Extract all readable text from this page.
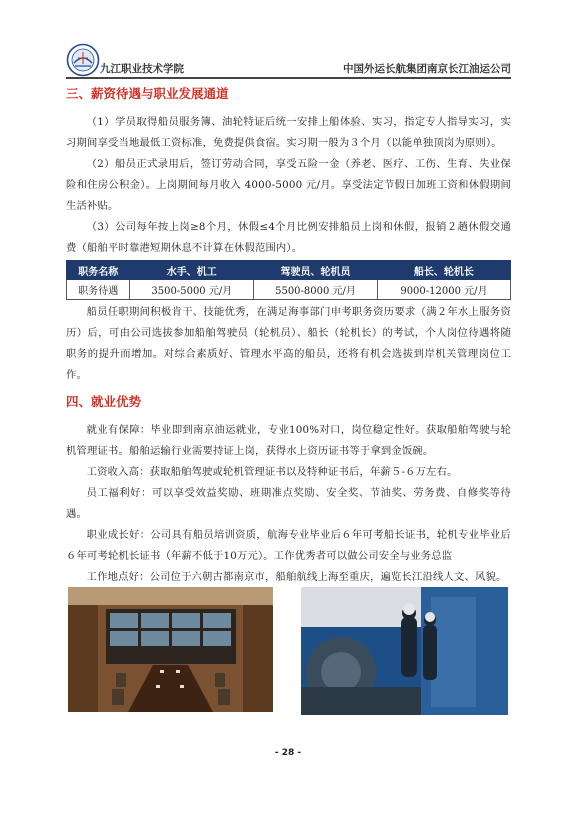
九江职业技术学院	中国外运长航集团南京长江油运公司
三、薪资待遇与职业发展通道

（1）学员取得船员服务簿、油轮特证后统一安排上船体验、实习，指定专人指导实习，实习期间享受当地最低工资标准，免费提供食宿。实习期一般为３个月（以能单独顶岗为原则）。

（2）船员正式录用后，签订劳动合同，享受五险一金（养老、医疗、工伤、生育、失业保险和住房公积金）。上岗期间每月收入 4000-5000 元/月。享受法定节假日加班工资和休假期间生活补贴。

（3）公司每年按上岗≥8个月，休假≤4个月比例安排船员上岗和休假，报销２趟休假交通费（船舶平时靠港短期休息不计算在休假范围内）。

职务名称	水手、机工	驾驶员、轮机员	船长、轮机长
职务待遇	3500-5000 元/月	5500-8000 元/月	9000-12000 元/月

船员任职期间积极肯干、技能优秀，在满足海事部门申考职务资历要求（满２年水上服务资历）后，可由公司选拔参加船舶驾驶员（轮机员）、船长（轮机长）的考试，个人岗位待遇将随职务的提升而增加。对综合素质好、管理水平高的船员，还将有机会选拔到岸机关管理岗位工作。

四、就业优势

就业有保障：毕业即到南京油运就业，专业100%对口，岗位稳定性好。获取船舶驾驶与轮机管理证书。船舶运输行业需要持证上岗，获得水上资历证书等于拿到金饭碗。

工资收入高：获取船舶驾驶或轮机管理证书以及特种证书后，年薪５-６万左右。

员工福利好：可以享受效益奖励、班期准点奖励、安全奖、节油奖、劳务费、自修奖等待遇。

职业成长好：公司具有船员培训资质，航海专业毕业后６年可考船长证书，轮机专业毕业后６年可考轮机长证书（年薪不低于10万元）。工作优秀者可以做公司安全与业务总监

工作地点好：公司位于六朝古都南京市，船舶航线上海至重庆，遍览长江沿线人文、风貌。

- 28 -
